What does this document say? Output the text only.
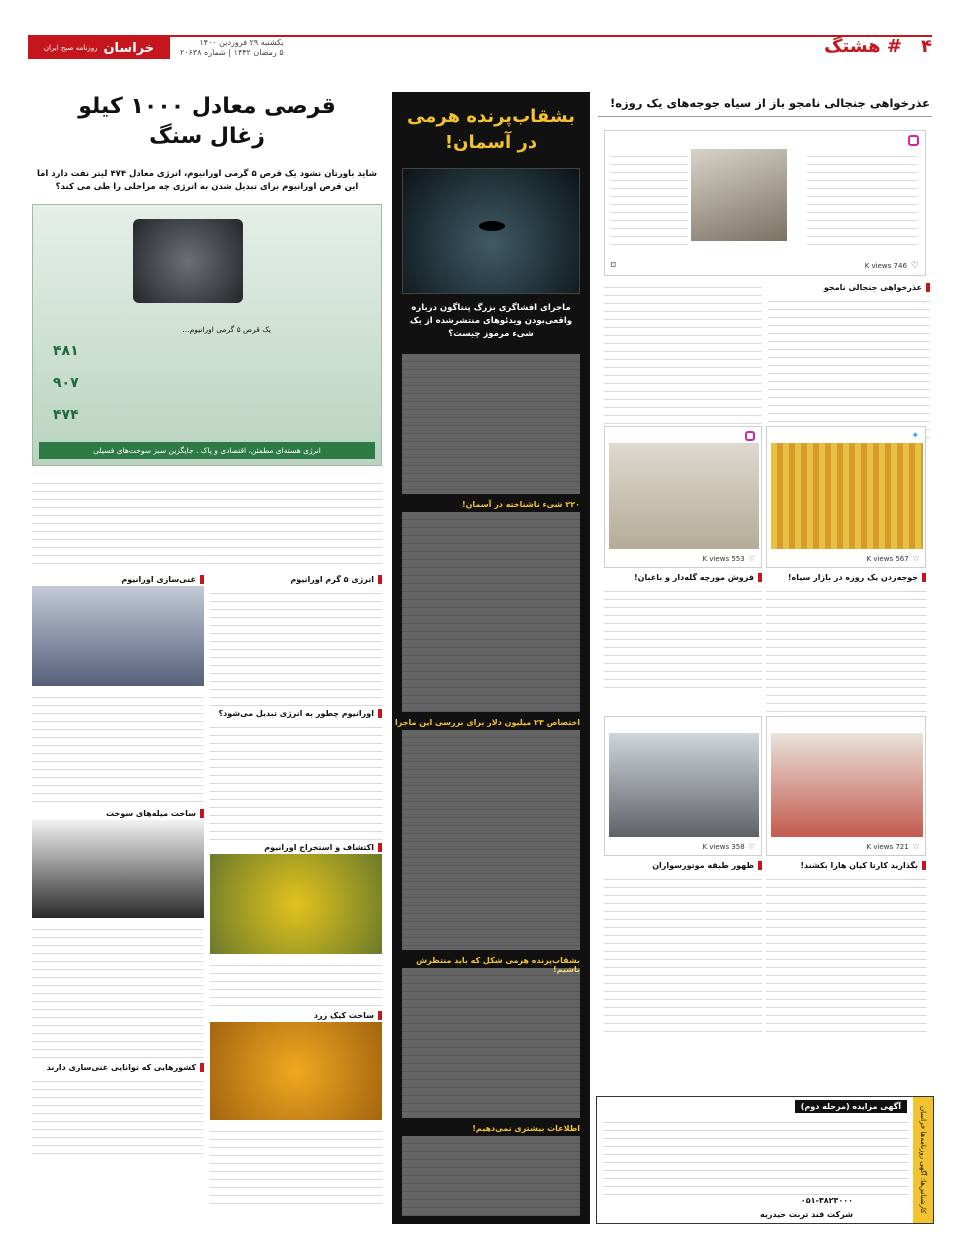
۴
# هشتگ
یکشنبه ۲۹ فروردین ۱۴۰۰
۵ رمضان ۱۴۴۲ | شماره ۲۰۶۳۸
خراسان
روزنامه صبح ایران
عذرخواهی جنجالی نامجو باز از سیاه جوجه‌های یک روزه!
♡
746 K views
⌑
عذرخواهی جنجالی نامجو
✦
♡
567 K views
جوجه‌زدن یک روزه در بازار سیاه!
♡
553 K views
فروش مورچه گله‌دار و باغبان!
♡
721 K views
بگذارید کارتا کیان هارا بکشند!
♡
358 K views
ظهور طبقه موتورسواران
کارشناس‌ها: آگهی روزنامه‌ها خراسان
آگهی مزایده (مرحله دوم)
۰۵۱-۳۸۲۳۰۰۰
شرکت قند تربت حیدریه
بشقاب‌پرنده هرمی
در آسمان!
ماجرای افشاگری بزرگ پنتاگون درباره واقعی‌بودن ویدئوهای منتشرشده از یک شیء مرموز چیست؟
۲۲۰ شیء ناشناخته در آسمان!
اختصاص ۲۳ میلیون دلار برای بررسی این ماجرا
بشقاب‌پرنده هرمی شکل که باید منتظرش باشیم!
اطلاعات بیشتری نمی‌دهیم!
قرصی معادل ۱۰۰۰ کیلو
زغال سنگ
شاید باورتان نشود یک قرص ۵ گرمی اورانیوم، انرژی معادل ۴۷۴ لیتر نفت دارد اما این قرص اورانیوم برای تبدیل شدن به انرژی چه مراحلی را طی می کند؟
یک قرص ۵ گرمی اورانیوم...
۴۸۱
۹۰۷
۴۷۴
انرژی هسته‌ای مطمئن، اقتصادی و پاک . جایگزین سبز سوخت‌های فسیلی
انرژی ۵ گرم اورانیوم
اورانیوم چطور به انرژی تبدیل می‌شود؟
اکتشاف و استخراج اورانیوم
ساخت کیک زرد
غنی‌سازی اورانیوم
ساخت میله‌های سوخت
کشورهایی که توانایی غنی‌سازی دارند
